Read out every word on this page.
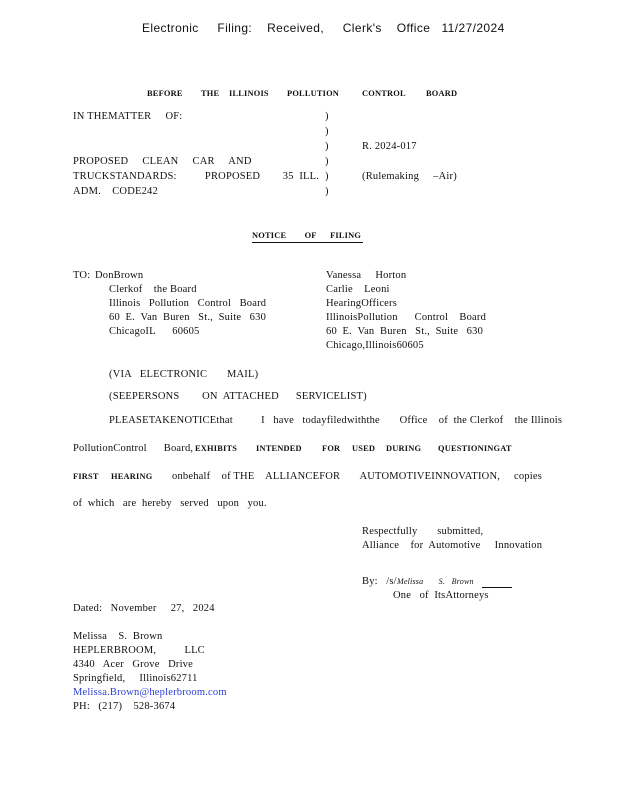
Electronic     Filing:    Received,     Clerk's    Office   11/27/2024
BEFORE THE ILLINOIS POLLUTION	CONTROL BOARD
IN THEMATTER     OF:	)
)
)
)
)
)
R. 2024-017
(Rulemaking     –Air)
PROPOSED     CLEAN     CAR     AND
TRUCKSTANDARDS:          PROPOSED        35  ILL.
ADM.    CODE242
NOTICE        OF      FILING
TO: DonBrown
Clerkof    the Board
Illinois   Pollution   Control   Board
60  E.  Van  Buren   St.,  Suite   630
ChicagoIL      60605
Vanessa     Horton
Carlie    Leoni
HearingOfficers
IllinoisPollution      Control    Board
60  E.  Van  Buren   St.,  Suite   630
Chicago,Illinois60605
(VIA   ELECTRONIC       MAIL)
(SEEPERSONS        ON  ATTACHED      SERVICELIST)
PLEASETAKENOTICEthat          I   have   todayfiledwiththe       Office    of  the Clerkof    the Illinois
PollutionControl      Board, EXHIBITS INTENDED FOR USED DURING QUESTIONINGAT
FIRST HEARING onbehalf    of THE    ALLIANCEFOR       AUTOMOTIVEINNOVATION, copies
of  which   are  hereby   served   upon   you.
Respectfully       submitted,
Alliance    for  Automotive     Innovation
By:   /s/ Melissa       S.   Brown
One   of  ItsAttorneys
Dated:   November     27,   2024
Melissa    S.  Brown
HEPLERBROOM,          LLC
4340   Acer   Grove   Drive
Springfield,     Illinois62711
Melissa.Brown@heplerbroom.com
PH:   (217)    528-3674
